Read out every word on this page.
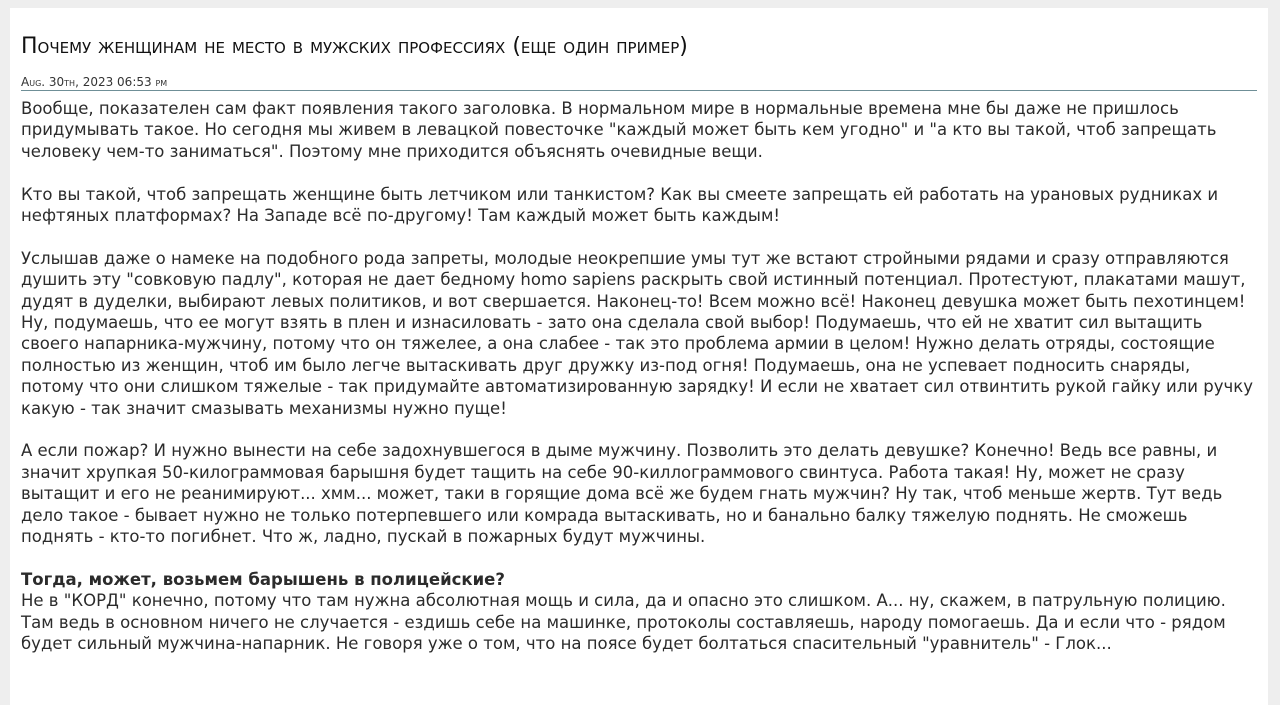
Почему женщинам не место в мужских профессиях (еще один пример)
Aug. 30th, 2023 06:53 pm

Вообще, показателен сам факт появления такого заголовка. В нормальном мире в нормальные времена мне бы даже не пришлось придумывать такое. Но сегодня мы живем в левацкой повесточке "каждый может быть кем угодно" и "а кто вы такой, чтоб запрещать человеку чем-то заниматься". Поэтому мне приходится объяснять очевидные вещи.

Кто вы такой, чтоб запрещать женщине быть летчиком или танкистом? Как вы смеете запрещать ей работать на урановых рудниках и нефтяных платформах? На Западе всё по-другому! Там каждый может быть каждым!

Услышав даже о намеке на подобного рода запреты, молодые неокрепшие умы тут же встают стройными рядами и сразу отправляются душить эту "совковую падлу", которая не дает бедному homo sapiens раскрыть свой истинный потенциал. Протестуют, плакатами машут, дудят в дуделки, выбирают левых политиков, и вот свершается. Наконец-то! Всем можно всё! Наконец девушка может быть пехотинцем! Ну, подумаешь, что ее могут взять в плен и изнасиловать - зато она сделала свой выбор! Подумаешь, что ей не хватит сил вытащить своего напарника-мужчину, потому что он тяжелее, а она слабее - так это проблема армии в целом! Нужно делать отряды, состоящие полностью из женщин, чтоб им было легче вытаскивать друг дружку из-под огня! Подумаешь, она не успевает подносить снаряды, потому что они слишком тяжелые - так придумайте автоматизированную зарядку! И если не хватает сил отвинтить рукой гайку или ручку какую - так значит смазывать механизмы нужно пуще!

А если пожар? И нужно вынести на себе задохнувшегося в дыме мужчину. Позволить это делать девушке? Конечно! Ведь все равны, и значит хрупкая 50-килограммовая барышня будет тащить на себе 90-киллограммового свинтуса. Работа такая! Ну, может не сразу вытащит и его не реанимируют... хмм... может, таки в горящие дома всё же будем гнать мужчин? Ну так, чтоб меньше жертв. Тут ведь дело такое - бывает нужно не только потерпевшего или комрада вытаскивать, но и банально балку тяжелую поднять. Не сможешь поднять - кто-то погибнет. Что ж, ладно, пускай в пожарных будут мужчины.

Тогда, может, возьмем барышень в полицейские?
Не в "КОРД" конечно, потому что там нужна абсолютная мощь и сила, да и опасно это слишком. А... ну, скажем, в патрульную полицию. Там ведь в основном ничего не случается - ездишь себе на машинке, протоколы составляешь, народу помогаешь. Да и если что - рядом будет сильный мужчина-напарник. Не говоря уже о том, что на поясе будет болтаться спасительный "уравнитель" - Глок...
